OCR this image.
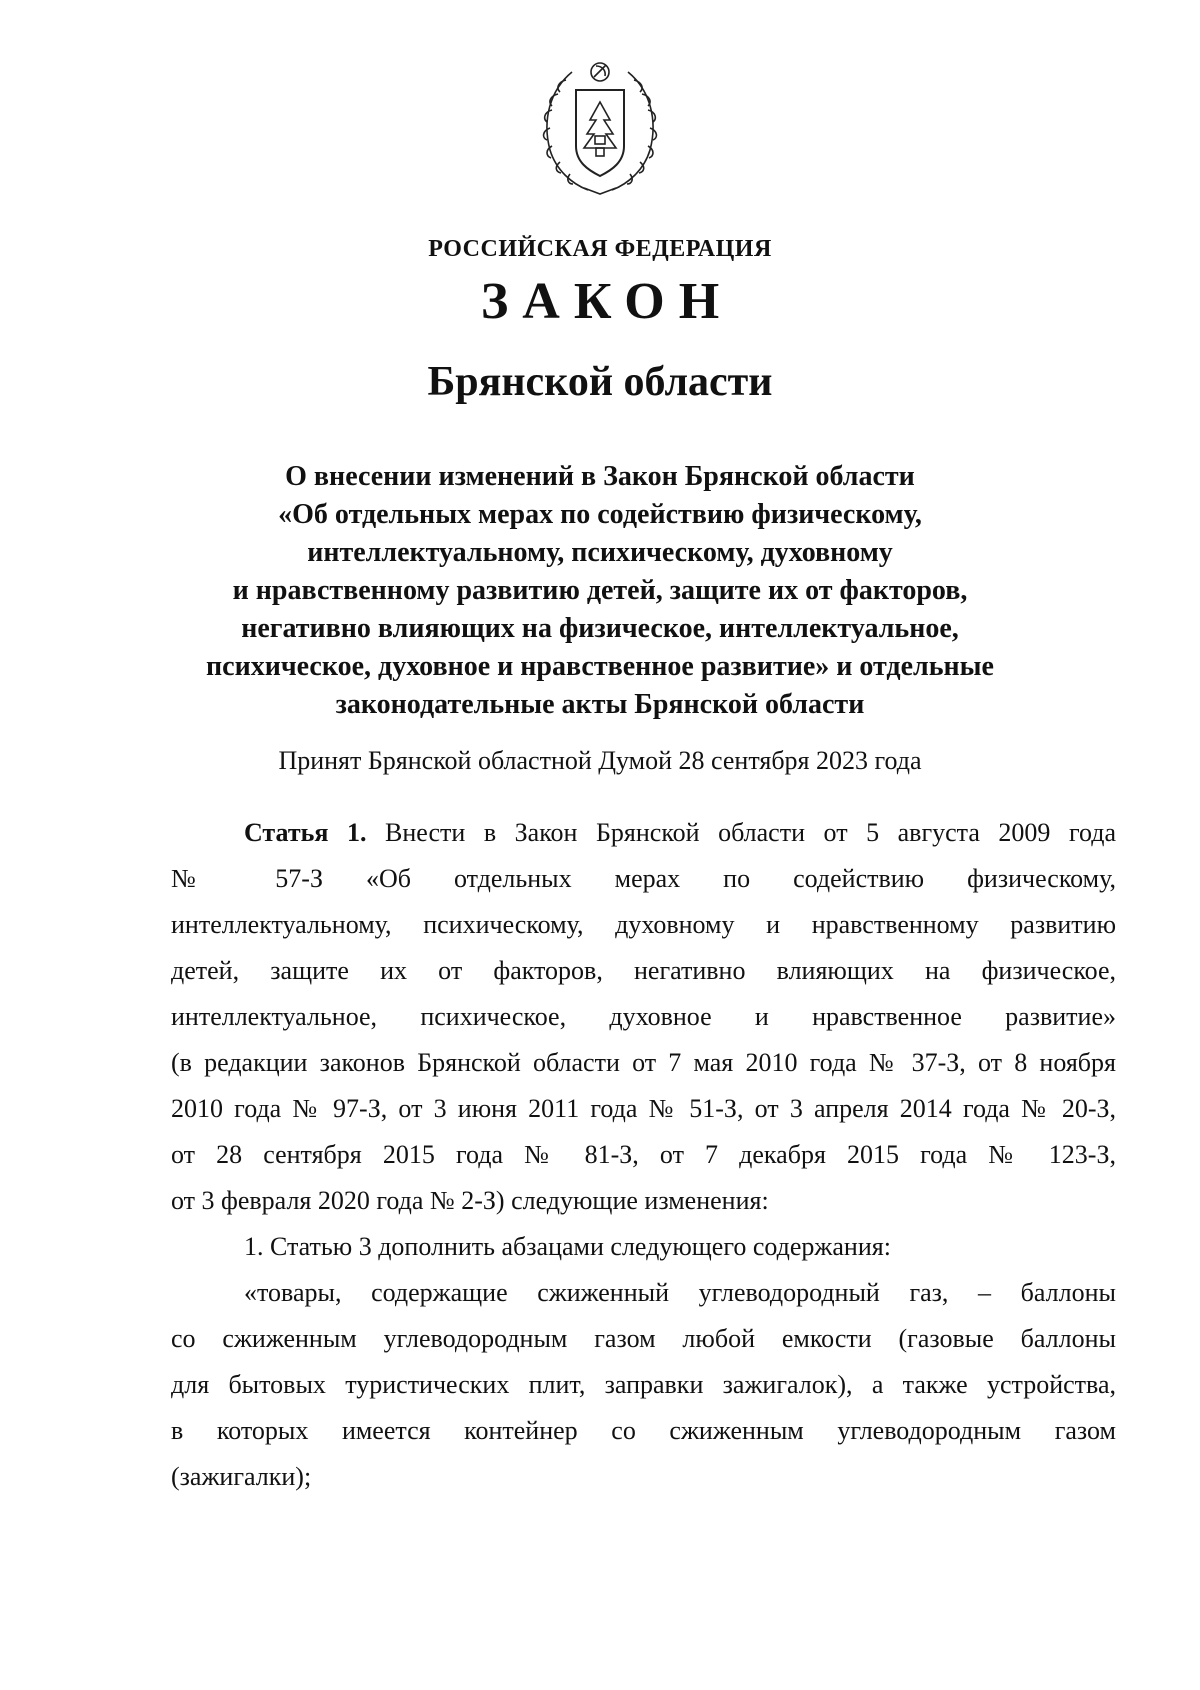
РОССИЙСКАЯ ФЕДЕРАЦИЯ
ЗАКОН
Брянской области
О внесении изменений в Закон Брянской области
«Об отдельных мерах по содействию физическому,
интеллектуальному, психическому, духовному
и нравственному развитию детей, защите их от факторов,
негативно влияющих на физическое, интеллектуальное,
психическое, духовное и нравственное развитие» и отдельные
законодательные акты Брянской области
Принят Брянской областной Думой 28 сентября 2023 года
Статья 1. Внести в Закон Брянской области от 5 августа 2009 года
№ 57-З «Об отдельных мерах по содействию физическому,
интеллектуальному, психическому, духовному и нравственному развитию
детей, защите их от факторов, негативно влияющих на физическое,
интеллектуальное, психическое, духовное и нравственное развитие»
(в редакции законов Брянской области от 7 мая 2010 года № 37-З, от 8 ноября
2010 года № 97-З, от 3 июня 2011 года № 51-З, от 3 апреля 2014 года № 20-З,
от 28 сентября 2015 года № 81-З, от 7 декабря 2015 года № 123-З,
от 3 февраля 2020 года № 2-З) следующие изменения:
1. Статью 3 дополнить абзацами следующего содержания:
«товары, содержащие сжиженный углеводородный газ, – баллоны
со сжиженным углеводородным газом любой емкости (газовые баллоны
для бытовых туристических плит, заправки зажигалок), а также устройства,
в которых имеется контейнер со сжиженным углеводородным газом
(зажигалки);
